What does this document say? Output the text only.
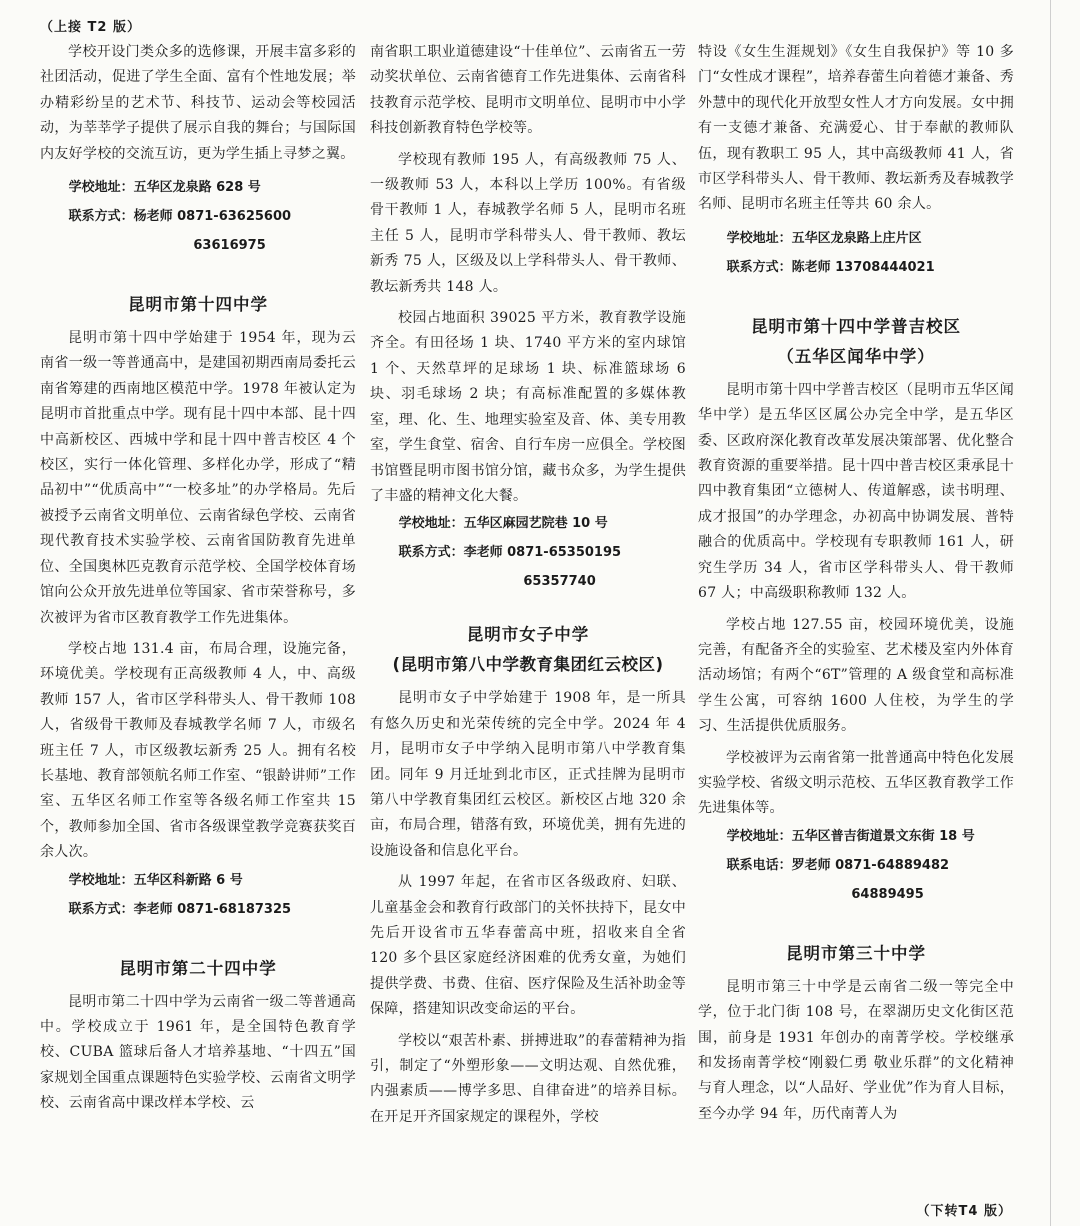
（上接 T2 版）

学校开设门类众多的选修课，开展丰富多彩的社团活动，促进了学生全面、富有个性地发展；举办精彩纷呈的艺术节、科技节、运动会等校园活动，为莘莘学子提供了展示自我的舞台；与国际国内友好学校的交流互访，更为学生插上寻梦之翼。

学校地址：五华区龙泉路 628 号
联系方式：杨老师 0871-63625600
63616975
昆明市第十四中学

昆明市第十四中学始建于 1954 年，现为云南省一级一等普通高中，是建国初期西南局委托云南省筹建的西南地区模范中学。1978 年被认定为昆明市首批重点中学。现有昆十四中本部、昆十四中高新校区、西城中学和昆十四中普吉校区 4 个校区，实行一体化管理、多样化办学，形成了“精品初中”“优质高中”“一校多址”的办学格局。先后被授予云南省文明单位、云南省绿色学校、云南省现代教育技术实验学校、云南省国防教育先进单位、全国奥林匹克教育示范学校、全国学校体育场馆向公众开放先进单位等国家、省市荣誉称号，多次被评为省市区教育教学工作先进集体。

学校占地 131.4 亩，布局合理，设施完备，环境优美。学校现有正高级教师 4 人，中、高级教师 157 人，省市区学科带头人、骨干教师 108 人，省级骨干教师及春城教学名师 7 人，市级名班主任 7 人，市区级教坛新秀 25 人。拥有名校长基地、教育部领航名师工作室、“银龄讲师”工作室、五华区名师工作室等各级名师工作室共 15 个，教师参加全国、省市各级课堂教学竞赛获奖百余人次。

学校地址：五华区科新路 6 号
联系方式：李老师 0871-68187325
昆明市第二十四中学

昆明市第二十四中学为云南省一级二等普通高中。学校成立于 1961 年，是全国特色教育学校、CUBA 篮球后备人才培养基地、“十四五”国家规划全国重点课题特色实验学校、云南省文明学校、云南省高中课改样本学校、云

南省职工职业道德建设“十佳单位”、云南省五一劳动奖状单位、云南省德育工作先进集体、云南省科技教育示范学校、昆明市文明单位、昆明市中小学科技创新教育特色学校等。

学校现有教师 195 人，有高级教师 75 人、一级教师 53 人，本科以上学历 100%。有省级骨干教师 1 人，春城教学名师 5 人，昆明市名班主任 5 人，昆明市学科带头人、骨干教师、教坛新秀 75 人，区级及以上学科带头人、骨干教师、教坛新秀共 148 人。

校园占地面积 39025 平方米，教育教学设施齐全。有田径场 1 块、1740 平方米的室内球馆 1 个、天然草坪的足球场 1 块、标准篮球场 6 块、羽毛球场 2 块；有高标准配置的多媒体教室，理、化、生、地理实验室及音、体、美专用教室，学生食堂、宿舍、自行车房一应俱全。学校图书馆暨昆明市图书馆分馆，藏书众多，为学生提供了丰盛的精神文化大餐。

学校地址：五华区麻园艺院巷 10 号
联系方式：李老师 0871-65350195
65357740
昆明市女子中学
(昆明市第八中学教育集团红云校区)

昆明市女子中学始建于 1908 年，是一所具有悠久历史和光荣传统的完全中学。2024 年 4 月，昆明市女子中学纳入昆明市第八中学教育集团。同年 9 月迁址到北市区，正式挂牌为昆明市第八中学教育集团红云校区。新校区占地 320 余亩，布局合理，错落有致，环境优美，拥有先进的设施设备和信息化平台。

从 1997 年起，在省市区各级政府、妇联、儿童基金会和教育行政部门的关怀扶持下，昆女中先后开设省市五华春蕾高中班，招收来自全省 120 多个县区家庭经济困难的优秀女童，为她们提供学费、书费、住宿、医疗保险及生活补助金等保障，搭建知识改变命运的平台。

学校以“艰苦朴素、拼搏进取”的春蕾精神为指引，制定了“外塑形象——文明达观、自然优雅，内强素质——博学多思、自律奋进”的培养目标。在开足开齐国家规定的课程外，学校

特设《女生生涯规划》《女生自我保护》等 10 多门“女性成才课程”，培养春蕾生向着德才兼备、秀外慧中的现代化开放型女性人才方向发展。女中拥有一支德才兼备、充满爱心、甘于奉献的教师队伍，现有教职工 95 人，其中高级教师 41 人，省市区学科带头人、骨干教师、教坛新秀及春城教学名师、昆明市名班主任等共 60 余人。

学校地址：五华区龙泉路上庄片区
联系方式：陈老师 13708444021
昆明市第十四中学普吉校区
（五华区闻华中学）

昆明市第十四中学普吉校区（昆明市五华区闻华中学）是五华区区属公办完全中学，是五华区委、区政府深化教育改革发展决策部署、优化整合教育资源的重要举措。昆十四中普吉校区秉承昆十四中教育集团“立德树人、传道解惑，读书明理、成才报国”的办学理念，办初高中协调发展、普特融合的优质高中。学校现有专职教师 161 人，研究生学历 34 人，省市区学科带头人、骨干教师 67 人；中高级职称教师 132 人。

学校占地 127.55 亩，校园环境优美，设施完善，有配备齐全的实验室、艺术楼及室内外体育活动场馆；有两个“6T”管理的 A 级食堂和高标准学生公寓，可容纳 1600 人住校，为学生的学习、生活提供优质服务。

学校被评为云南省第一批普通高中特色化发展实验学校、省级文明示范校、五华区教育教学工作先进集体等。

学校地址：五华区普吉街道景文东街 18 号
联系电话：罗老师 0871-64889482
64889495
昆明市第三十中学

昆明市第三十中学是云南省二级一等完全中学，位于北门街 108 号，在翠湖历史文化街区范围，前身是 1931 年创办的南菁学校。学校继承和发扬南菁学校“刚毅仁勇 敬业乐群”的文化精神与育人理念，以“人品好、学业优”作为育人目标，至今办学 94 年，历代南菁人为

（下转T4 版）
